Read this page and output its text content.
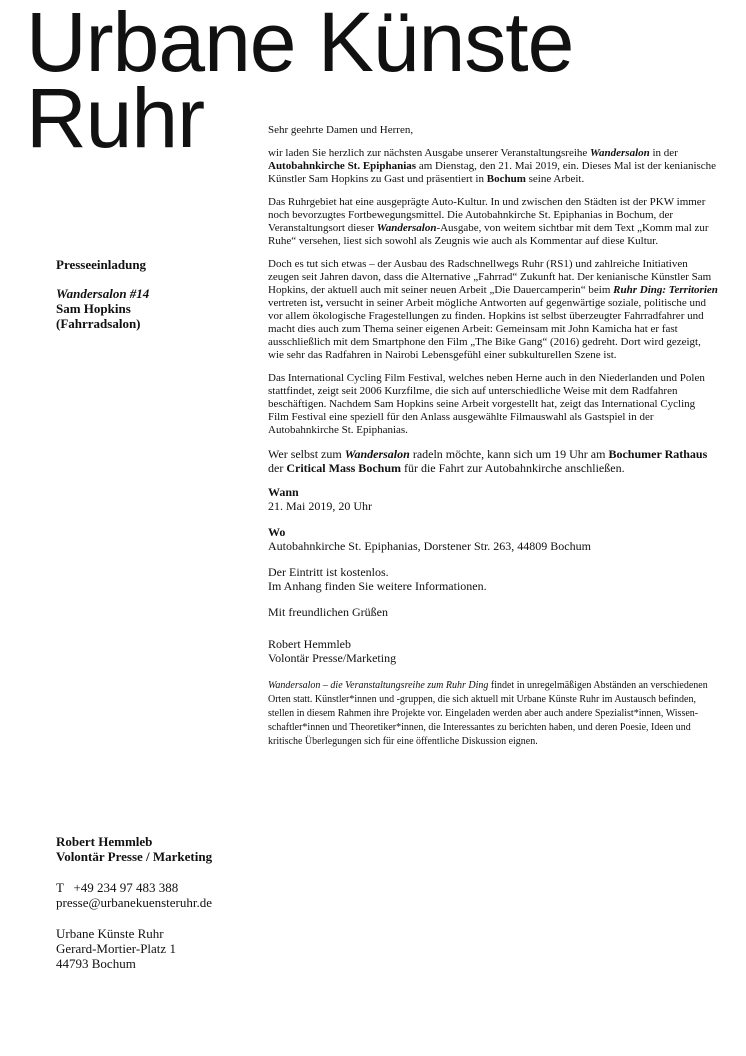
Urbane Künste
Ruhr
Presseeinladung
Wandersalon #14
Sam Hopkins
(Fahrradsalon)
Robert Hemmleb
Volontär Presse / Marketing
T   +49 234 97 483 388
presse@urbanekuensteruhr.de
Urbane Künste Ruhr
Gerard-Mortier-Platz 1
44793 Bochum

Sehr geehrte Damen und Herren,

wir laden Sie herzlich zur nächsten Ausgabe unserer Veranstaltungsreihe Wandersalon in der Autobahnkirche St. Epiphanias am Dienstag, den 21. Mai 2019, ein. Dieses Mal ist der kenianische Künstler Sam Hopkins zu Gast und präsentiert in Bochum seine Arbeit.

Das Ruhrgebiet hat eine ausgeprägte Auto-Kultur. In und zwischen den Städten ist der PKW immer noch bevorzugtes Fortbewegungsmittel. Die Autobahnkirche St. Epiphanias in Bochum, der Veranstaltungsort dieser Wandersalon-Ausgabe, von weitem sichtbar mit dem Text „Komm mal zur Ruhe“ versehen, liest sich sowohl als Zeugnis wie auch als Kommentar auf diese Kultur.

Doch es tut sich etwas – der Ausbau des Radschnellwegs Ruhr (RS1) und zahlreiche Initiativen zeugen seit Jahren davon, dass die Alternative „Fahrrad“ Zukunft hat. Der kenianische Künstler Sam Hopkins, der aktuell auch mit seiner neuen Arbeit „Die Dauercamperin“ beim Ruhr Ding: Territorien vertreten ist, versucht in seiner Arbeit mögliche Antworten auf gegenwärtige soziale, politische und vor allem ökologische Fragestellungen zu finden. Hopkins ist selbst überzeugter Fahrradfahrer und macht dies auch zum Thema seiner eigenen Arbeit: Gemeinsam mit John Kamicha hat er fast ausschließlich mit dem Smartphone den Film „The Bike Gang“ (2016) gedreht. Dort wird gezeigt, wie sehr das Radfahren in Nairobi Lebensgefühl einer subkulturellen Szene ist.

Das International Cycling Film Festival, welches neben Herne auch in den Niederlanden und Polen stattfindet, zeigt seit 2006 Kurzfilme, die sich auf unterschiedliche Weise mit dem Radfahren beschäftigen. Nachdem Sam Hopkins seine Arbeit vorgestellt hat, zeigt das International Cycling Film Festival eine speziell für den Anlass ausgewählte Filmauswahl als Gastspiel in der Autobahnkirche St. Epiphanias.

Wer selbst zum Wandersalon radeln möchte, kann sich um 19 Uhr am Bochumer Rathaus der Critical Mass Bochum für die Fahrt zur Autobahnkirche anschließen.

Wann
21. Mai 2019, 20 Uhr
Wo
Autobahnkirche St. Epiphanias, Dorstener Str. 263, 44809 Bochum
Der Eintritt ist kostenlos.
Im Anhang finden Sie weitere Informationen.
Mit freundlichen Grüßen
Robert Hemmleb
Volontär Presse/Marketing

Wandersalon – die Veranstaltungsreihe zum Ruhr Ding findet in unregelmäßigen Abständen an verschiedenen Orten statt. Künstler*innen und -gruppen, die sich aktuell mit Urbane Künste Ruhr im Austausch befinden, stellen in diesem Rahmen ihre Projekte vor. Eingeladen werden aber auch andere Spezialist*innen, Wissen-schaftler*innen und Theoretiker*innen, die Interessantes zu berichten haben, und deren Poesie, Ideen und kritische Überlegungen sich für eine öffentliche Diskussion eignen.
